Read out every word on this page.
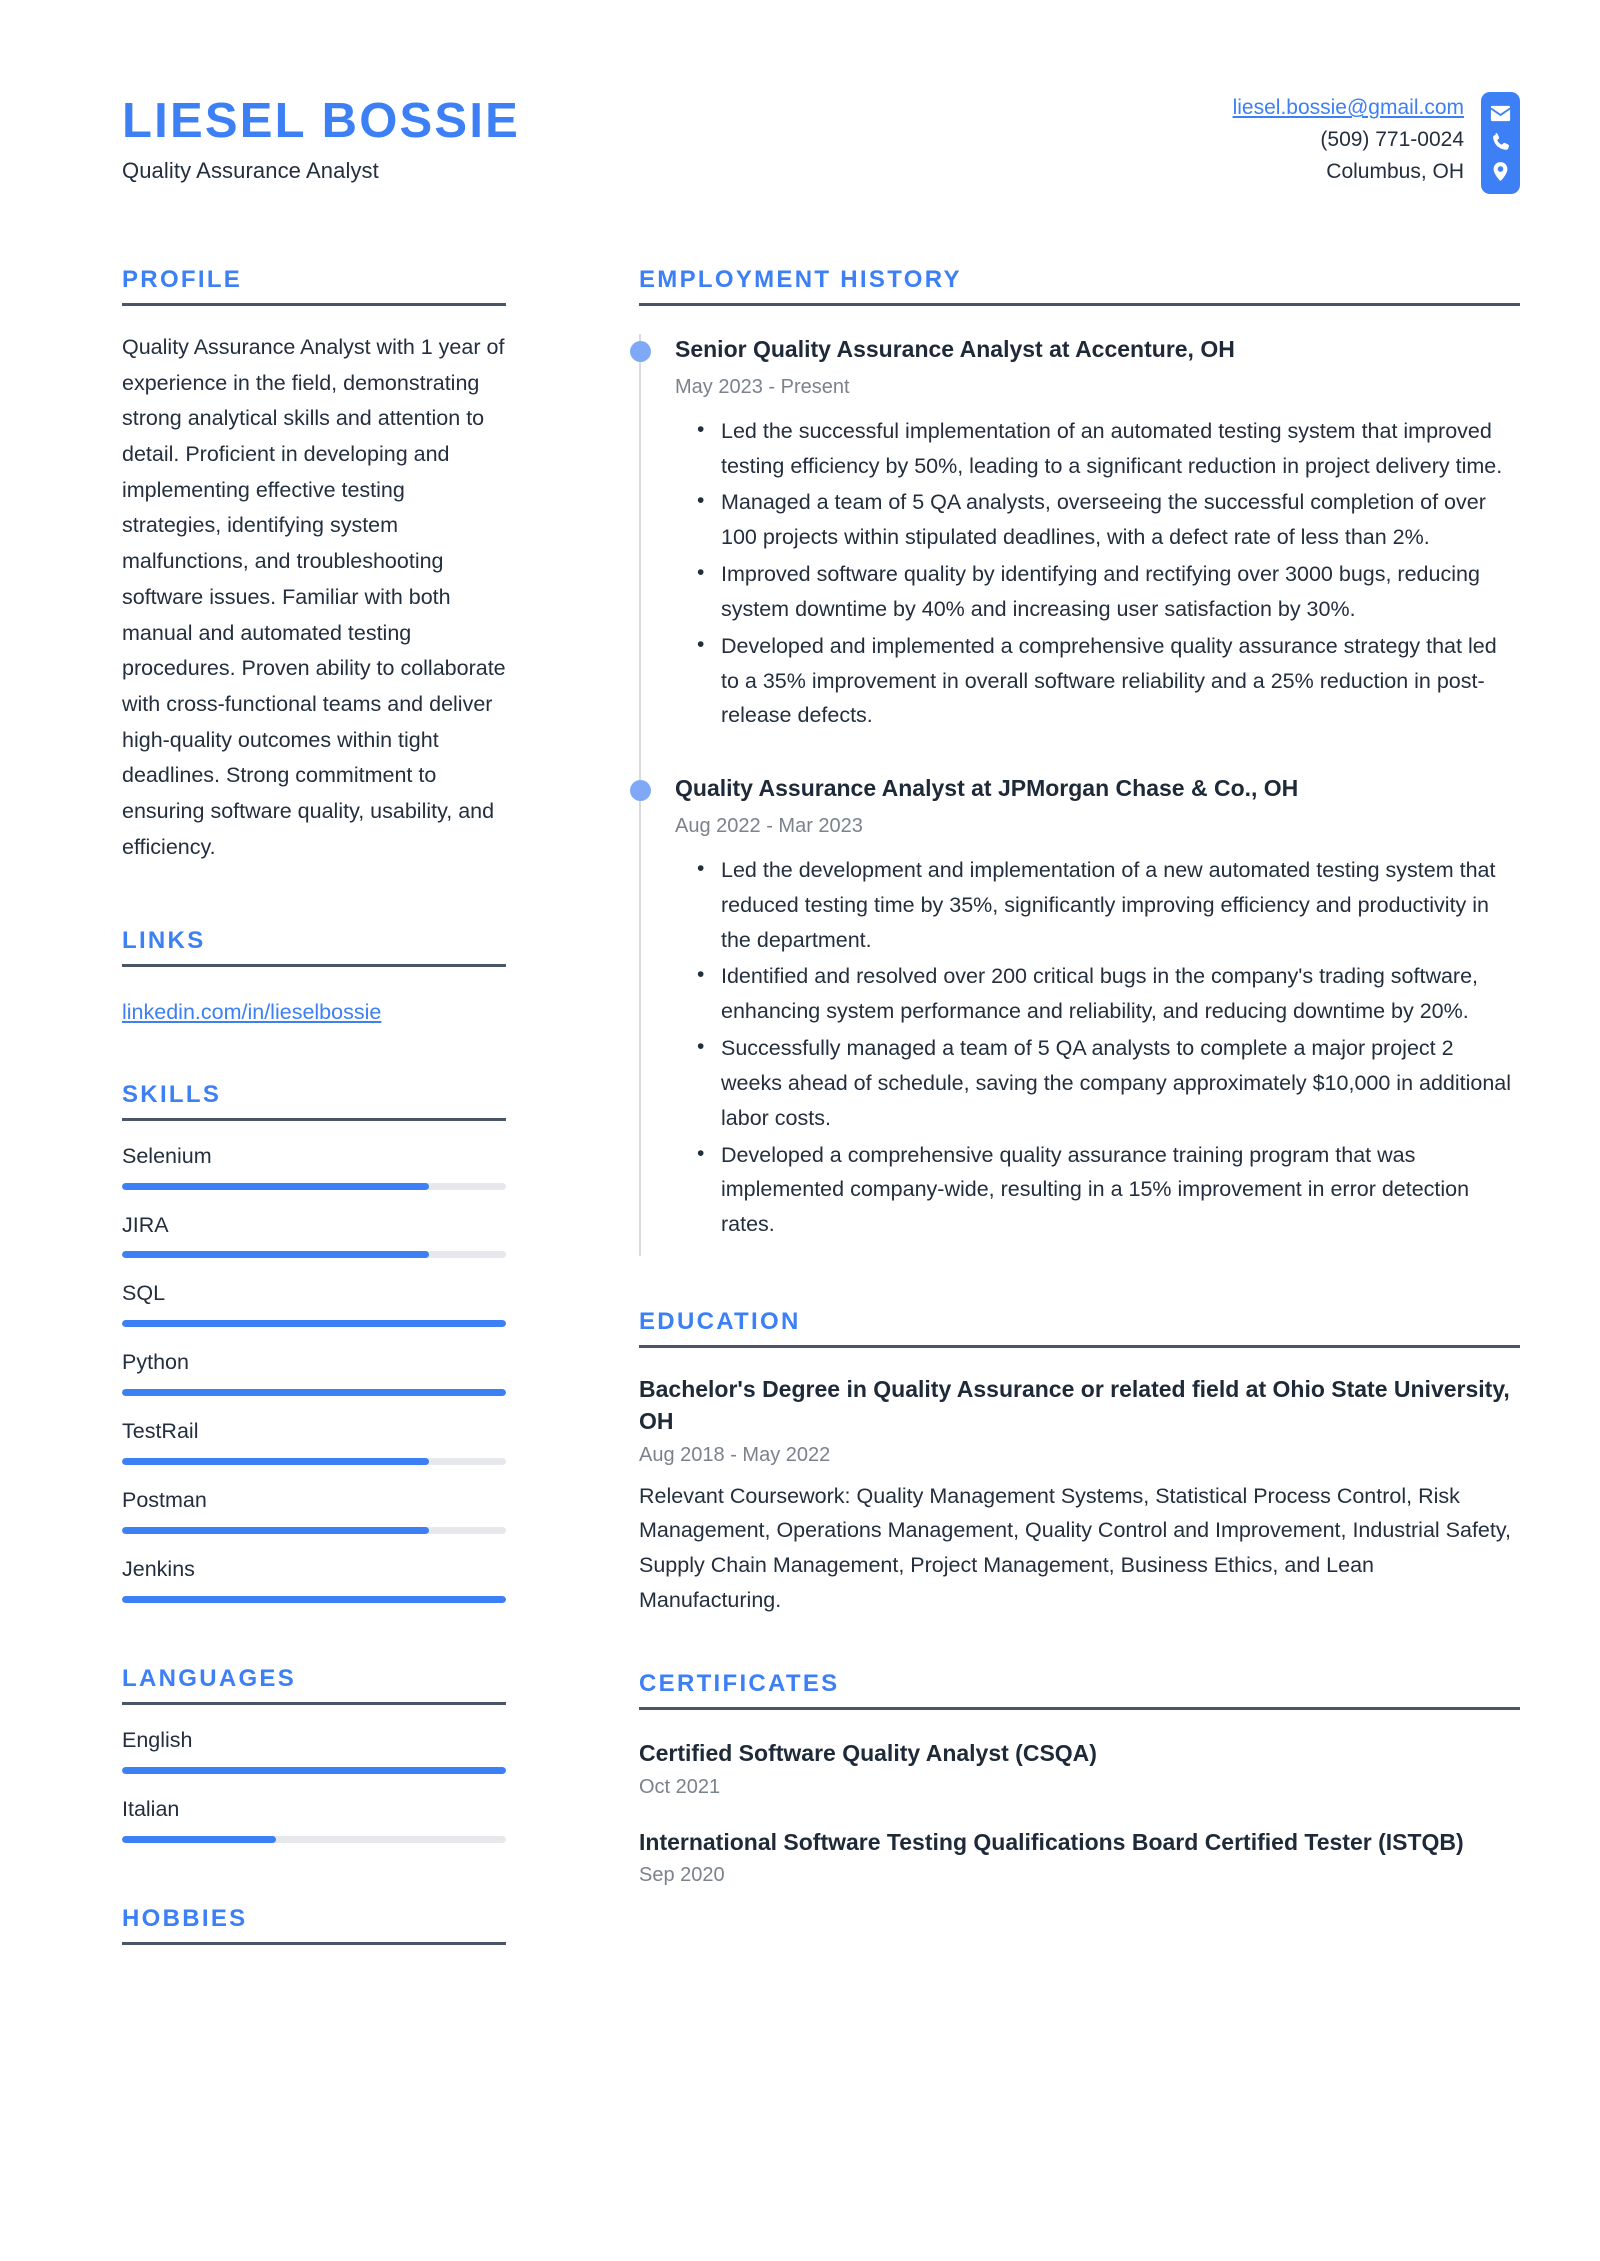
LIESEL BOSSIE
Quality Assurance Analyst
liesel.bossie@gmail.com
(509) 771-0024
Columbus, OH
PROFILE

Quality Assurance Analyst with 1 year of experience in the field, demonstrating strong analytical skills and attention to detail. Proficient in developing and implementing effective testing strategies, identifying system malfunctions, and troubleshooting software issues. Familiar with both manual and automated testing procedures. Proven ability to collaborate with cross-functional teams and deliver high-quality outcomes within tight deadlines. Strong commitment to ensuring software quality, usability, and efficiency.

LINKS
linkedin.com/in/lieselbossie
SKILLS
Selenium
JIRA
SQL
Python
TestRail
Postman
Jenkins
LANGUAGES
English
Italian
HOBBIES
EMPLOYMENT HISTORY
Senior Quality Assurance Analyst at Accenture, OH
May 2023 - Present
• Led the successful implementation of an automated testing system that improved testing efficiency by 50%, leading to a significant reduction in project delivery time.
• Managed a team of 5 QA analysts, overseeing the successful completion of over 100 projects within stipulated deadlines, with a defect rate of less than 2%.
• Improved software quality by identifying and rectifying over 3000 bugs, reducing system downtime by 40% and increasing user satisfaction by 30%.
• Developed and implemented a comprehensive quality assurance strategy that led to a 35% improvement in overall software reliability and a 25% reduction in post-release defects.
Quality Assurance Analyst at JPMorgan Chase & Co., OH
Aug 2022 - Mar 2023
• Led the development and implementation of a new automated testing system that reduced testing time by 35%, significantly improving efficiency and productivity in the department.
• Identified and resolved over 200 critical bugs in the company's trading software, enhancing system performance and reliability, and reducing downtime by 20%.
• Successfully managed a team of 5 QA analysts to complete a major project 2 weeks ahead of schedule, saving the company approximately $10,000 in additional labor costs.
• Developed a comprehensive quality assurance training program that was implemented company-wide, resulting in a 15% improvement in error detection rates.
EDUCATION
Bachelor's Degree in Quality Assurance or related field at Ohio State University, OH
Aug 2018 - May 2022

Relevant Coursework: Quality Management Systems, Statistical Process Control, Risk Management, Operations Management, Quality Control and Improvement, Industrial Safety, Supply Chain Management, Project Management, Business Ethics, and Lean Manufacturing.

CERTIFICATES
Certified Software Quality Analyst (CSQA)
Oct 2021
International Software Testing Qualifications Board Certified Tester (ISTQB)
Sep 2020
